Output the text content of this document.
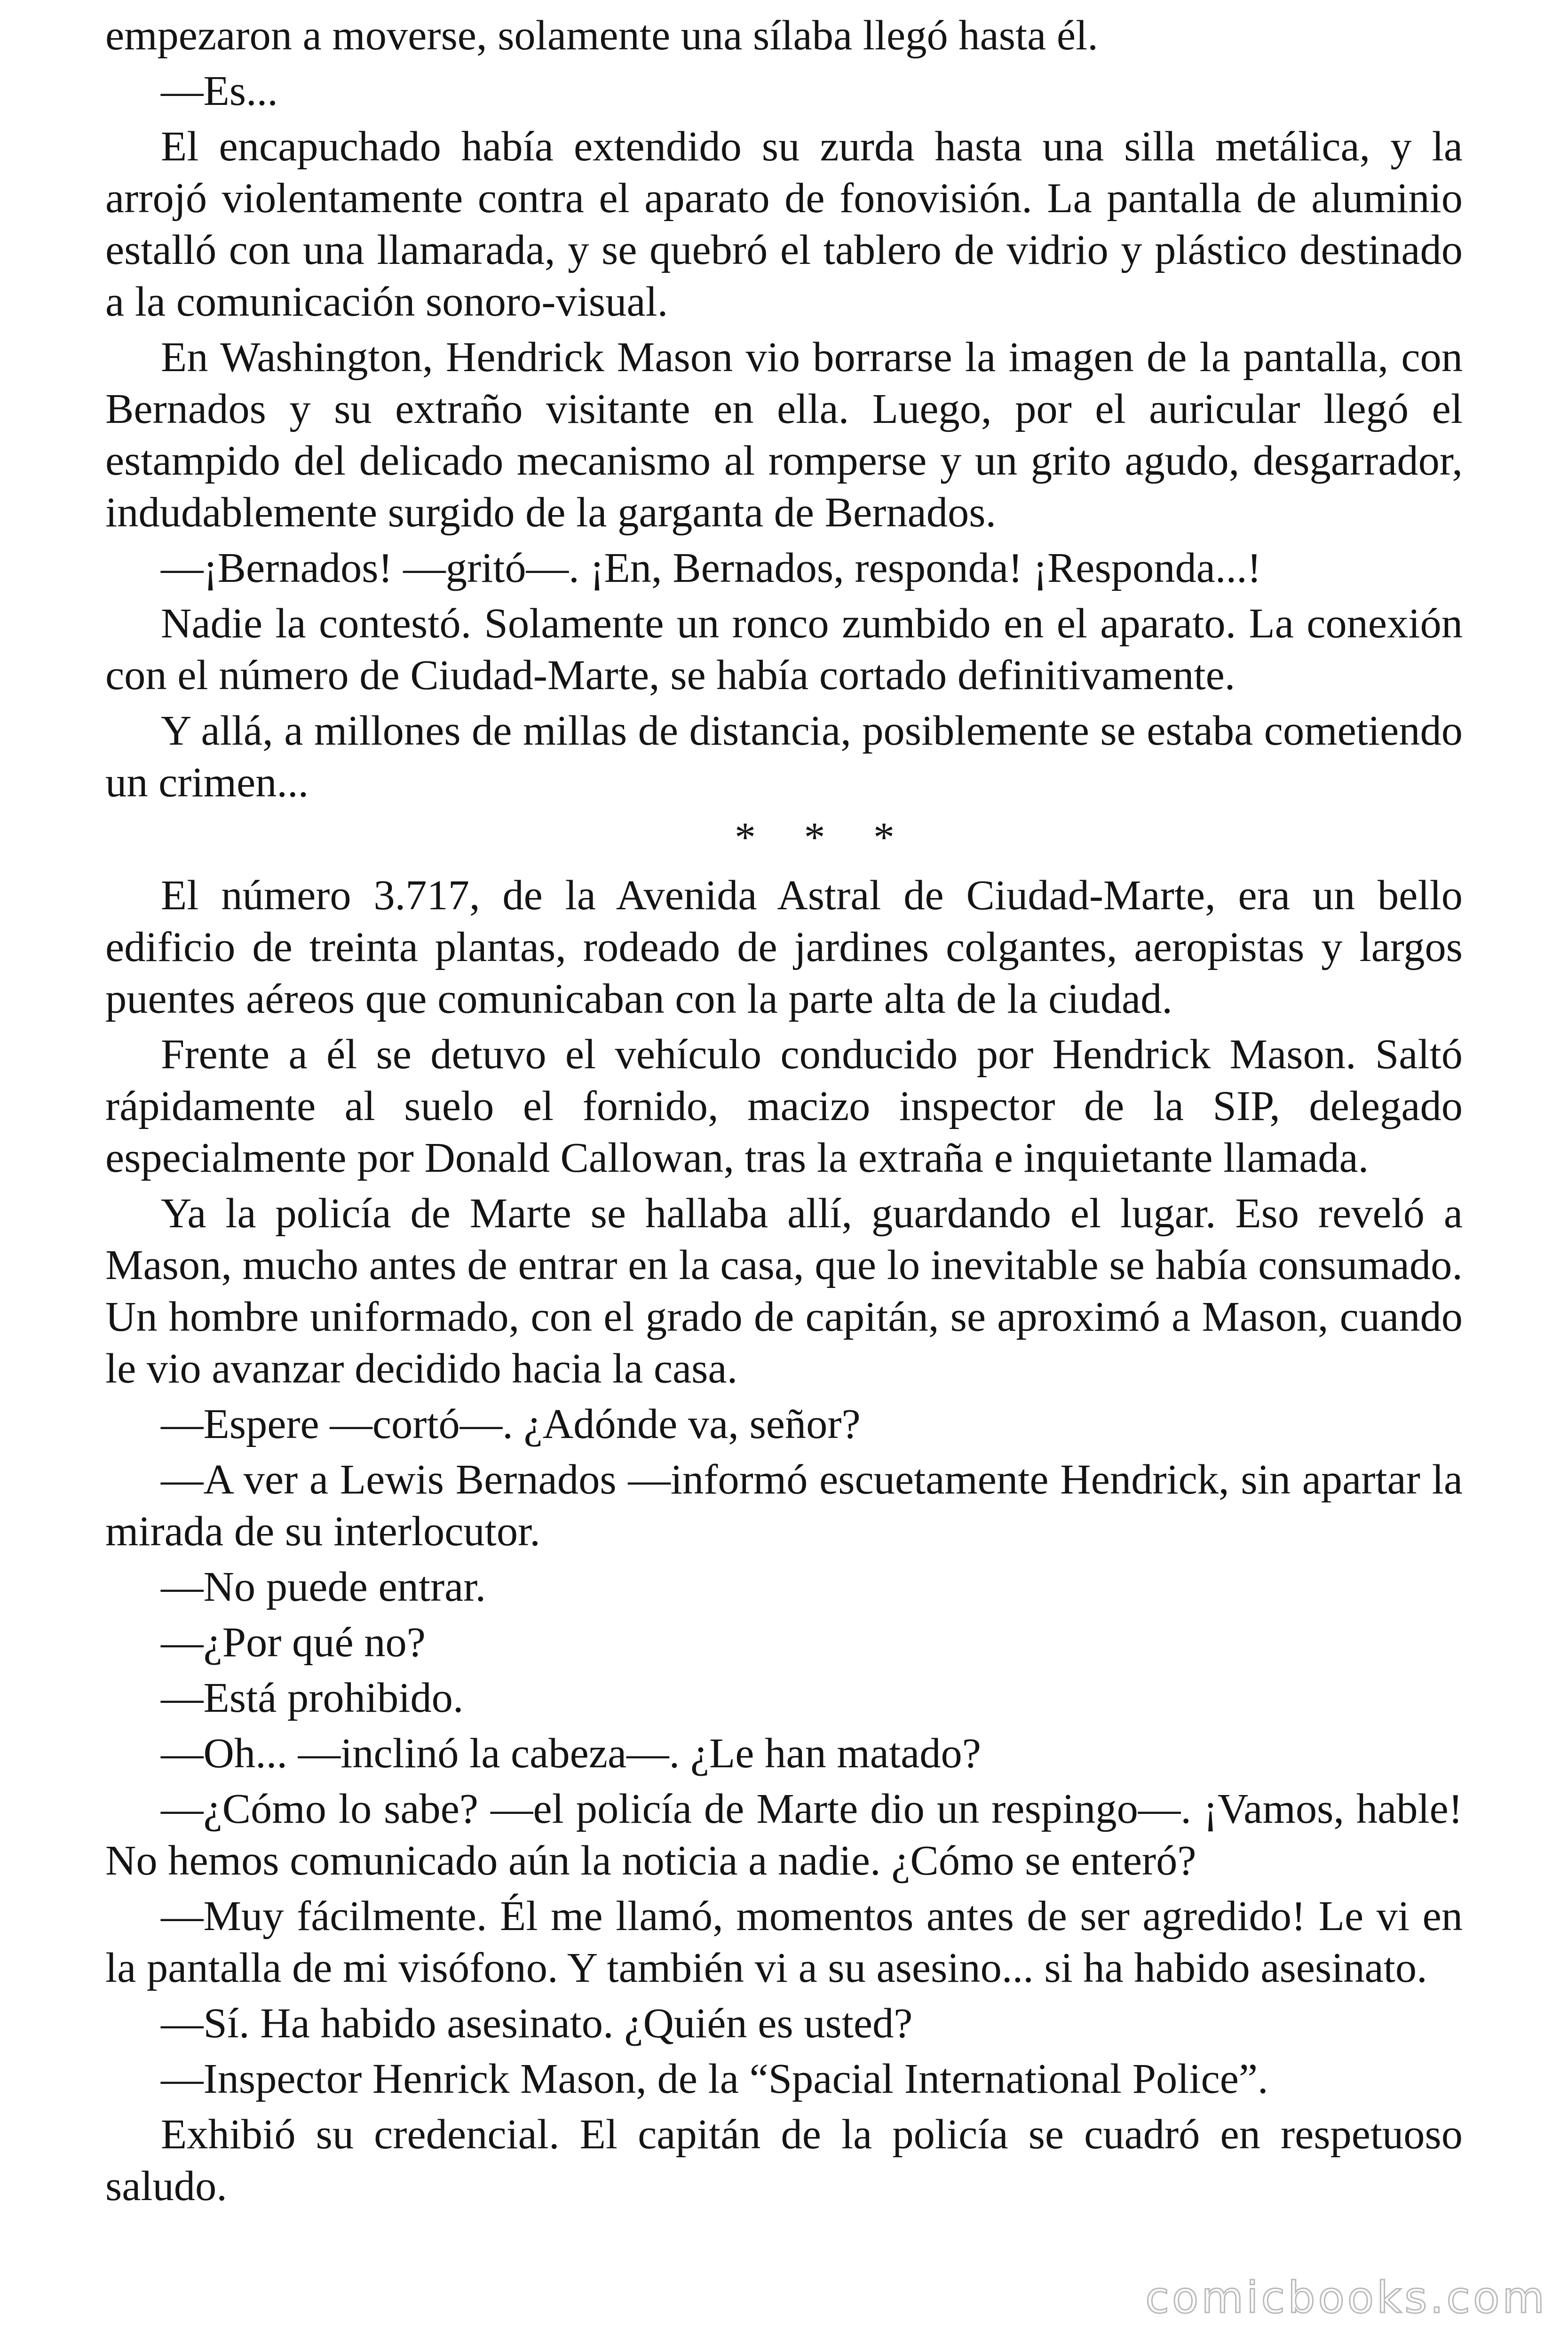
empezaron a moverse, solamente una sílaba llegó hasta él.

—Es...

El encapuchado había extendido su zurda hasta una silla metálica, y la arrojó violentamente contra el aparato de fonovisión. La pantalla de aluminio estalló con una llamarada, y se quebró el tablero de vidrio y plástico destinado a la comunicación sonoro-visual.

En Washington, Hendrick Mason vio borrarse la imagen de la pantalla, con Bernados y su extraño visitante en ella. Luego, por el auricular llegó el estampido del delicado mecanismo al romperse y un grito agudo, desgarrador, indudablemente surgido de la garganta de Bernados.

—¡Bernados! —gritó—. ¡En, Bernados, responda! ¡Responda...!

Nadie la contestó. Solamente un ronco zumbido en el aparato. La conexión con el número de Ciudad-Marte, se había cortado definitivamente.

Y allá, a millones de millas de distancia, posiblemente se estaba cometiendo un crimen...

* * *

El número 3.717, de la Avenida Astral de Ciudad-Marte, era un bello edificio de treinta plantas, rodeado de jardines colgantes, aeropistas y largos puentes aéreos que comunicaban con la parte alta de la ciudad.

Frente a él se detuvo el vehículo conducido por Hendrick Mason. Saltó rápidamente al suelo el fornido, macizo inspector de la SIP, delegado especialmente por Donald Callowan, tras la extraña e inquietante llamada.

Ya la policía de Marte se hallaba allí, guardando el lugar. Eso reveló a Mason, mucho antes de entrar en la casa, que lo inevitable se había consumado. Un hombre uniformado, con el grado de capitán, se aproximó a Mason, cuando le vio avanzar decidido hacia la casa.

—Espere —cortó—. ¿Adónde va, señor?

—A ver a Lewis Bernados —informó escuetamente Hendrick, sin apartar la mirada de su interlocutor.

—No puede entrar.

—¿Por qué no?

—Está prohibido.

—Oh... —inclinó la cabeza—. ¿Le han matado?

—¿Cómo lo sabe? —el policía de Marte dio un respingo—. ¡Vamos, hable! No hemos comunicado aún la noticia a nadie. ¿Cómo se enteró?

—Muy fácilmente. Él me llamó, momentos antes de ser agredido! Le vi en la pantalla de mi visófono. Y también vi a su asesino... si ha habido asesinato.

—Sí. Ha habido asesinato. ¿Quién es usted?

—Inspector Henrick Mason, de la “Spacial International Police”.

Exhibió su credencial. El capitán de la policía se cuadró en respetuoso saludo.

comicbooks.com
